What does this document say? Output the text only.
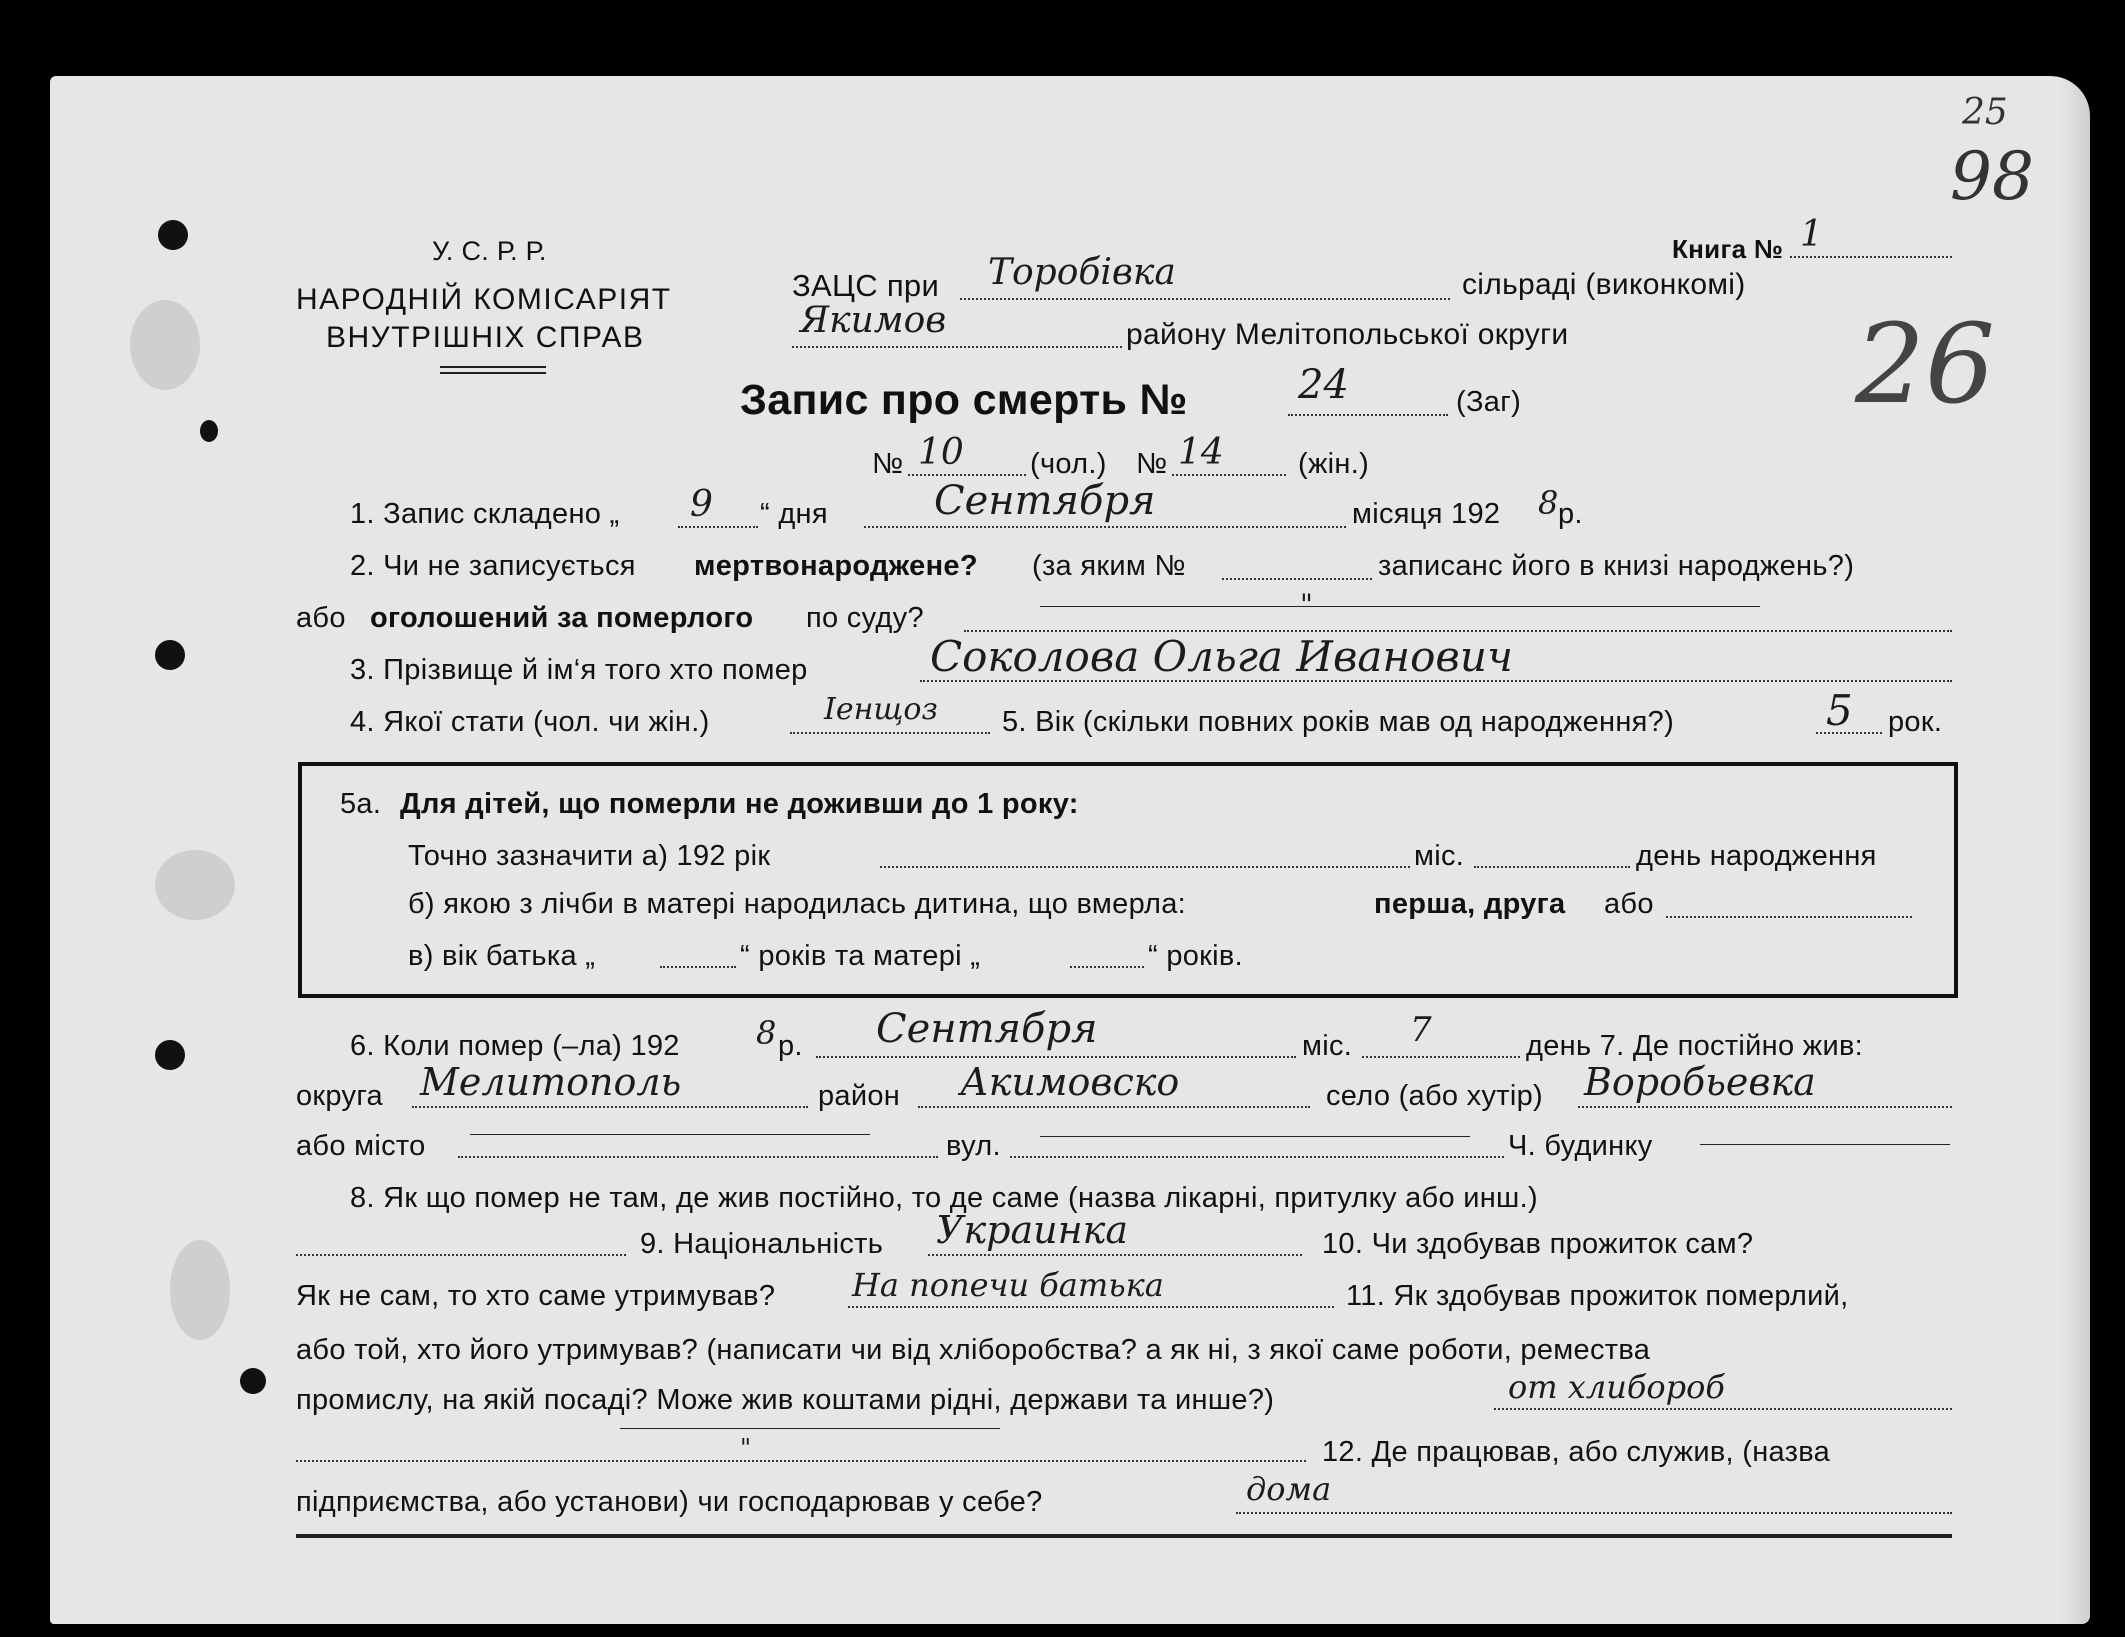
25
98
26
У. С. Р. Р.
НАРОДНІЙ КОМІСАРІЯТ
ВНУТРІШНІХ СПРАВ
Книга № 1
ЗАЦС при Торобівка	сільраді (виконкомі)
Якимов	району Мелітопольської округи
Запис про смерть №	24	(Заг)
№ 10 (чол.) № 14	(жін.)
1. Запис складено „ 9 “ дня	Сентября	місяця 192 8 р.
2. Чи не записується мертвонароджене? (за яким №	записанс його в книзі народжень?)
або оголошений за померлого по суду?	"
3. Прізвище й ім‘я того хто помер	Соколова Ольга Иванович
4. Якої стати (чол. чи жін.)	Іенщоз 5. Вік (скільки повних років мав од народження?)	5 рок.
5а. Для дітей, що померли не доживши до 1 року:
Точно зазначити а) 192 рік	міс.	день народження
б) якою з лічби в матері народилась дитина, що вмерла:	перша, друга або
в) вік батька „	“ років та матері „	“ років.
6. Коли помер (–ла) 192 8 р. Сентября	міс. 7	день 7. Де постійно жив:
округа Мелитополь	район Акимовско	село (або хутір) Воробьевка
або місто	вул.	Ч. будинку
8. Як що помер не там, де жив постійно, то де саме (назва лікарні, притулку або инш.)
9. Національність Украинка	10. Чи здобував прожиток сам?
Як не сам, то хто саме утримував? На попечи батька	11. Як здобував прожиток померлий,
або той, хто його утримував? (написати чи від хліборобства? а як ні, з якої саме роботи, ремества
промислу, на якій посаді? Може жив коштами рідні, держави та инше?)	от хлибороб
"	12. Де працював, або служив, (назва
підприємства, або установи) чи господарював у себе?	дома
